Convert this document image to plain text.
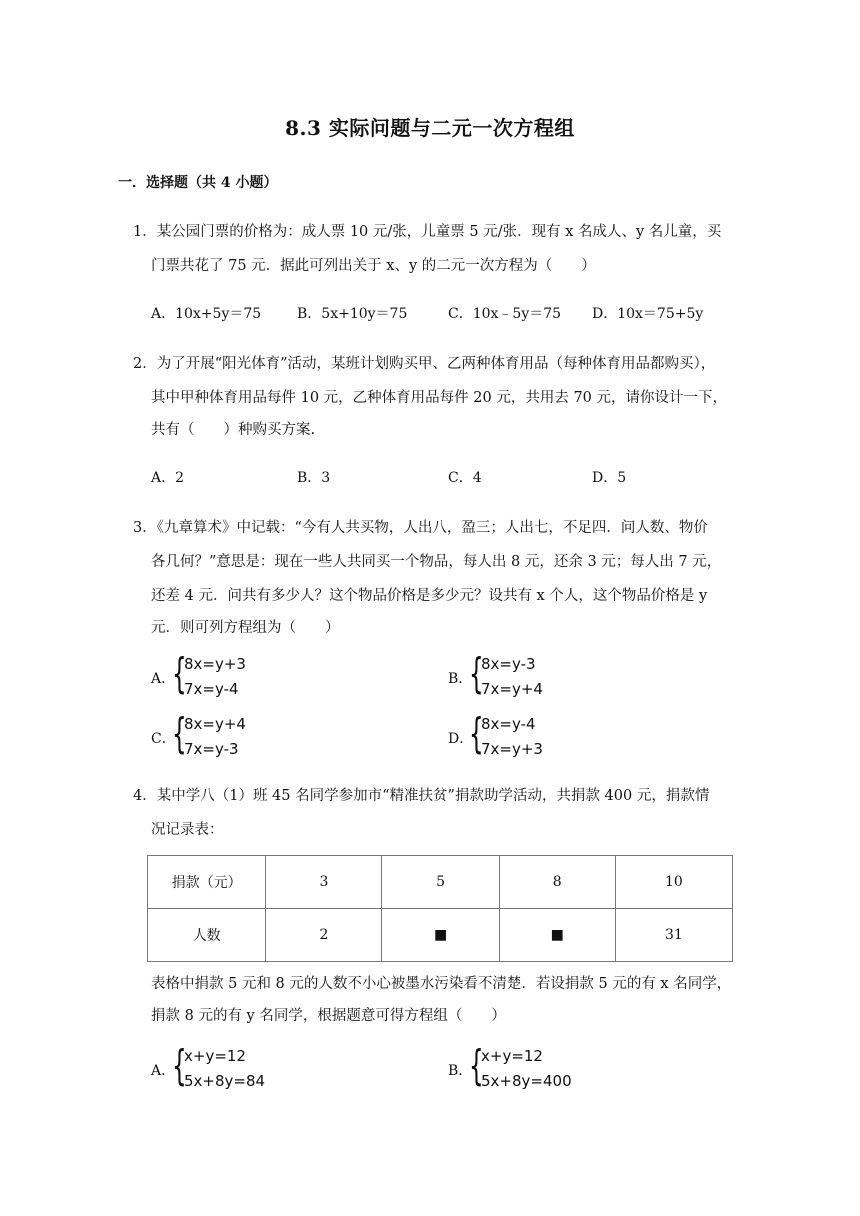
8.3 实际问题与二元一次方程组
一．选择题（共 4 小题）
1．某公园门票的价格为：成人票 10 元/张，儿童票 5 元/张．现有 x 名成人、y 名儿童，买
门票共花了 75 元．据此可列出关于 x、y 的二元一次方程为（　　）
A．10x+5y＝75	B．5x+10y＝75	C．10x﹣5y＝75 D．10x＝75+5y
2．为了开展“阳光体育”活动，某班计划购买甲、乙两种体育用品（每种体育用品都购买），
其中甲种体育用品每件 10 元，乙种体育用品每件 20 元，共用去 70 元，请你设计一下，
共有（　　）种购买方案.
A．2	B．3	C．4	D．5
3．《九章算术》中记载：“今有人共买物，人出八，盈三；人出七，不足四．问人数、物价
各几何？”意思是：现在一些人共同买一个物品，每人出 8 元，还余 3 元；每人出 7 元，
还差 4 元．问共有多少人？这个物品价格是多少元？设共有 x 个人，这个物品价格是 y
元．则可列方程组为（　　）
A．
{
8x=y+3
7x=y-4
B．
{
8x=y-3
7x=y+4
C．
{
8x=y+4
7x=y-3
D．
{
8x=y-4
7x=y+3
4．某中学八（1）班 45 名同学参加市“精准扶贫”捐款助学活动，共捐款 400 元，捐款情
况记录表：
捐款（元）	3	5	8	10
人数	2	■	■	31
表格中捐款 5 元和 8 元的人数不小心被墨水污染看不清楚．若设捐款 5 元的有 x 名同学，
捐款 8 元的有 y 名同学，根据题意可得方程组（　　）
A．
{
x+y=12
5x+8y=84
B．
{
x+y=12
5x+8y=400
